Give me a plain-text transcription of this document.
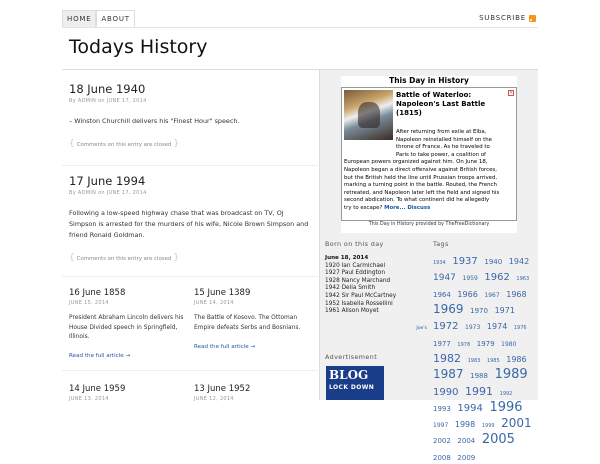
HOME	ABOUT	SUBSCRIBE
Todays History
18 June 1940
By ADMIN on JUNE 17, 2014
– Winston Churchill delivers his "Finest Hour" speech.
{ Comments on this entry are closed }
17 June 1994
By ADMIN on JUNE 17, 2014
Following a low-speed highway chase that was broadcast on TV, OJ Simpson is arrested for the murders of his wife, Nicole Brown Simpson and friend Ronald Goldman.
{ Comments on this entry are closed }
16 June 1858
JUNE 15, 2014
President Abraham Lincoln delivers his House Divided speech in Springfield, Illinois.
Read the full article →
15 June 1389
JUNE 14, 2014
The Battle of Kosovo. The Ottoman Empire defeats Serbs and Bosnians.
Read the full article →
14 June 1959
JUNE 13, 2014
13 June 1952
JUNE 12, 2014
This Day in History
×
Battle of Waterloo: Napoleon's Last Battle (1815)
After returning from exile at Elba,
Napoleon reinstalled himself on the
throne of France. As he traveled to
Paris to take power, a coalition of
European powers organized against him. On June 18,
Napoleon began a direct offensive against British forces,
but the British held the line until Prussian troops arrived,
marking a turning point in the battle. Routed, the French
retreated, and Napoleon later left the field and signed his
second abdication. To what continent did he allegedly
try to escape? More... Discuss
This Day in History provided by TheFreeDictionary
Born on this day
June 18, 2014
1920 Ian Carmichael
1927 Paul Eddington
1928 Nancy Marchand
1942 Delia Smith
1942 Sir Paul McCartney
1952 Isabella Rossellini
1961 Alison Moyet
Joe's
Advertisement
BLOG
LOCK DOWN
Tags
1934 1937 1940 1942 1947 1959 1962 1963 1964 1966 1967 1968 1969 1970 1971 1972 1973 1974 1976 1977 1978 1979 1980 1982 1983 1985 1986 1987 1988 1989 1990 1991 1992 1993 1994 1996 1997 1998 1999 2001 2002 2004 2005 2008 2009
